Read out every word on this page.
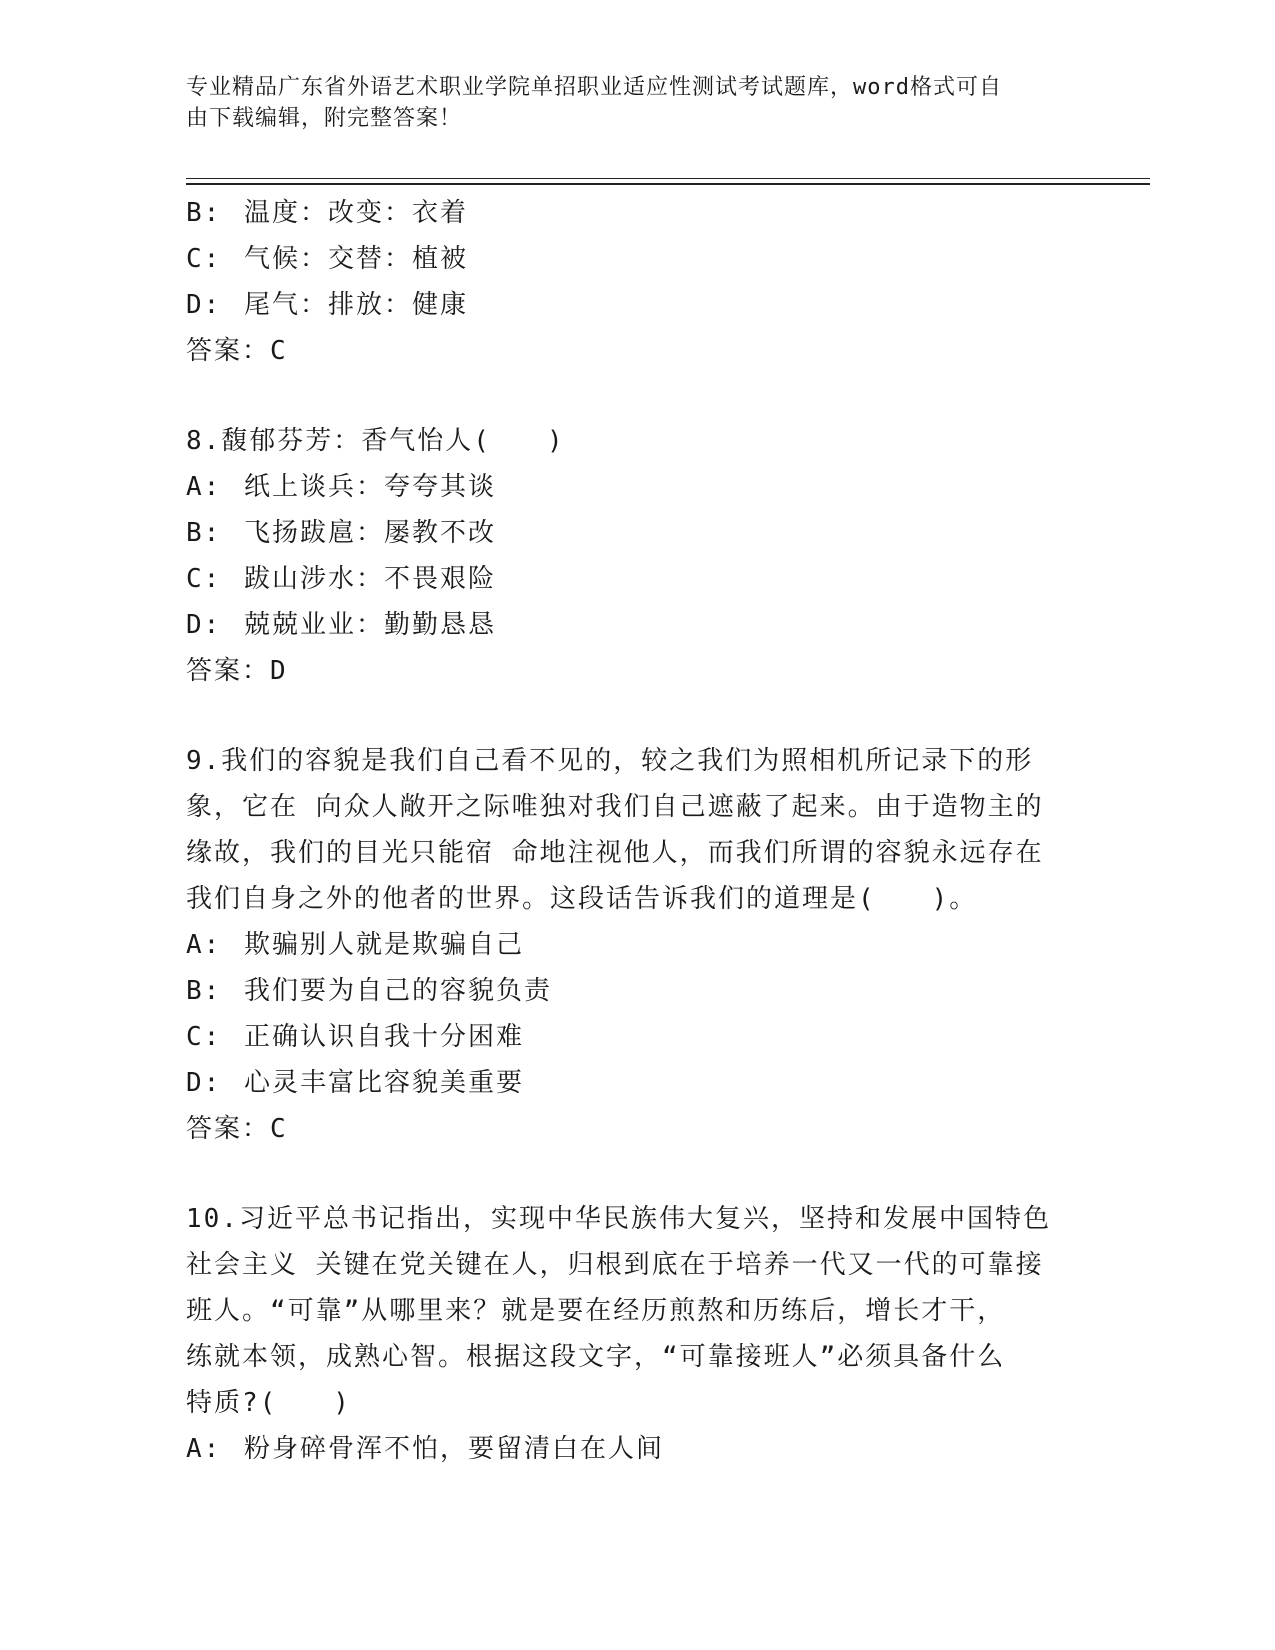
专业精品广东省外语艺术职业学院单招职业适应性测试考试题库，word格式可自
由下载编辑，附完整答案！
B: 温度：改变：衣着
C: 气候：交替：植被
D: 尾气：排放：健康
答案：C
8.馥郁芬芳：香气怡人(　　)
A: 纸上谈兵：夸夸其谈
B: 飞扬跋扈：屡教不改
C: 跋山涉水：不畏艰险
D: 兢兢业业：勤勤恳恳
答案：D
9.我们的容貌是我们自己看不见的，较之我们为照相机所记录下的形
象，它在 向众人敞开之际唯独对我们自己遮蔽了起来。由于造物主的
缘故，我们的目光只能宿 命地注视他人，而我们所谓的容貌永远存在
我们自身之外的他者的世界。这段话告诉我们的道理是(　　)。
A: 欺骗别人就是欺骗自己
B: 我们要为自己的容貌负责
C: 正确认识自我十分困难
D: 心灵丰富比容貌美重要
答案：C
10.习近平总书记指出，实现中华民族伟大复兴，坚持和发展中国特色
社会主义 关键在党关键在人，归根到底在于培养一代又一代的可靠接
班人。“可靠”从哪里来？就是要在经历煎熬和历练后，增长才干，
练就本领，成熟心智。根据这段文字，“可靠接班人”必须具备什么
特质?(　　)
A: 粉身碎骨浑不怕，要留清白在人间
